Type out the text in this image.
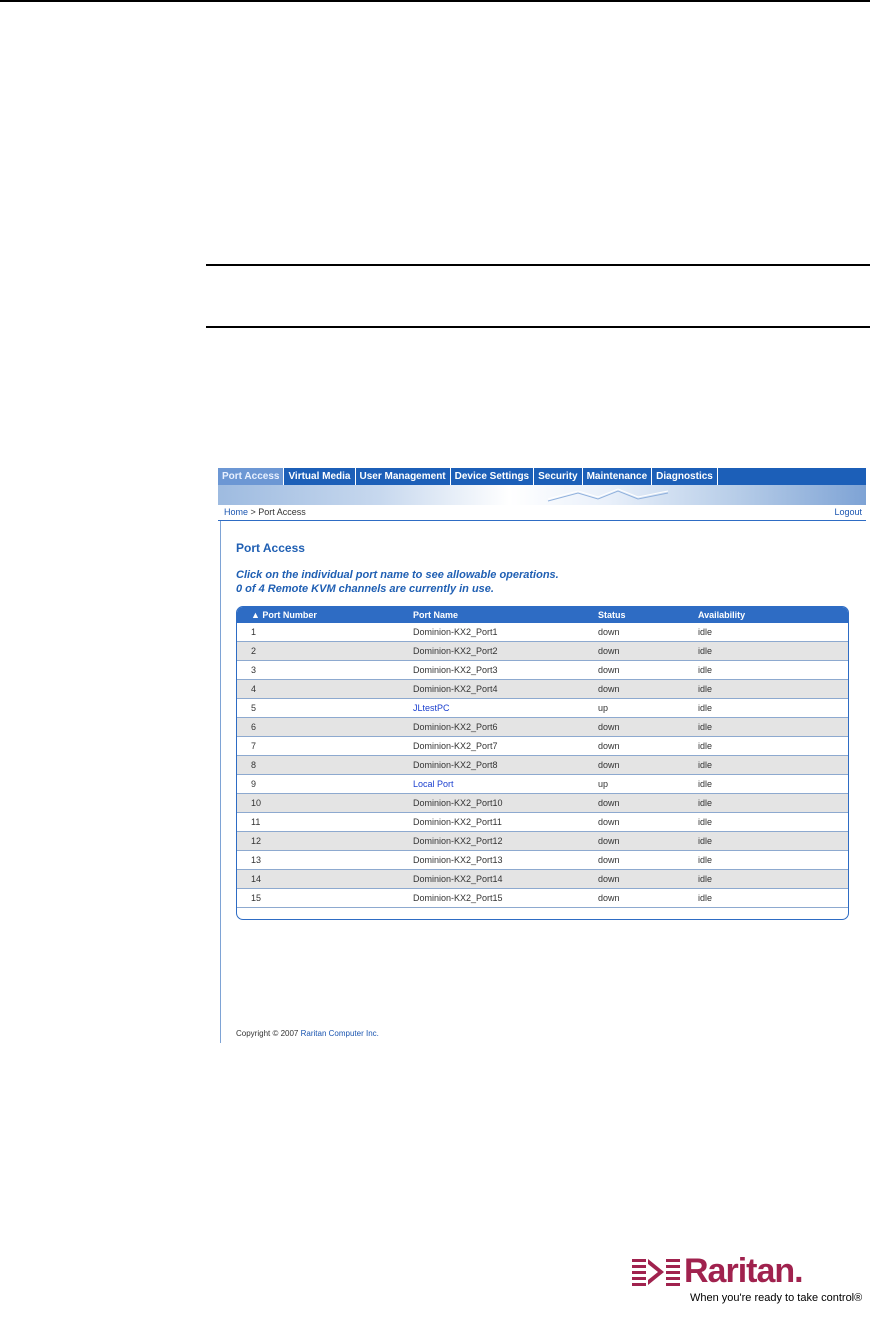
Port Access Virtual Media User Management Device Settings Security Maintenance Diagnostics
Home > Port Access	Logout
Port Access
Click on the individual port name to see allowable operations.
0 of 4 Remote KVM channels are currently in use.
▲ Port Number	Port Name	Status	Availability
1	Dominion-KX2_Port1	down	idle
2	Dominion-KX2_Port2	down	idle
3	Dominion-KX2_Port3	down	idle
4	Dominion-KX2_Port4	down	idle
5	JLtestPC	up	idle
6	Dominion-KX2_Port6	down	idle
7	Dominion-KX2_Port7	down	idle
8	Dominion-KX2_Port8	down	idle
9	Local Port	up	idle
10	Dominion-KX2_Port10	down	idle
11	Dominion-KX2_Port11	down	idle
12	Dominion-KX2_Port12	down	idle
13	Dominion-KX2_Port13	down	idle
14	Dominion-KX2_Port14	down	idle
15	Dominion-KX2_Port15	down	idle
Copyright © 2007 Raritan Computer Inc.
Raritan.
When you're ready to take control®
